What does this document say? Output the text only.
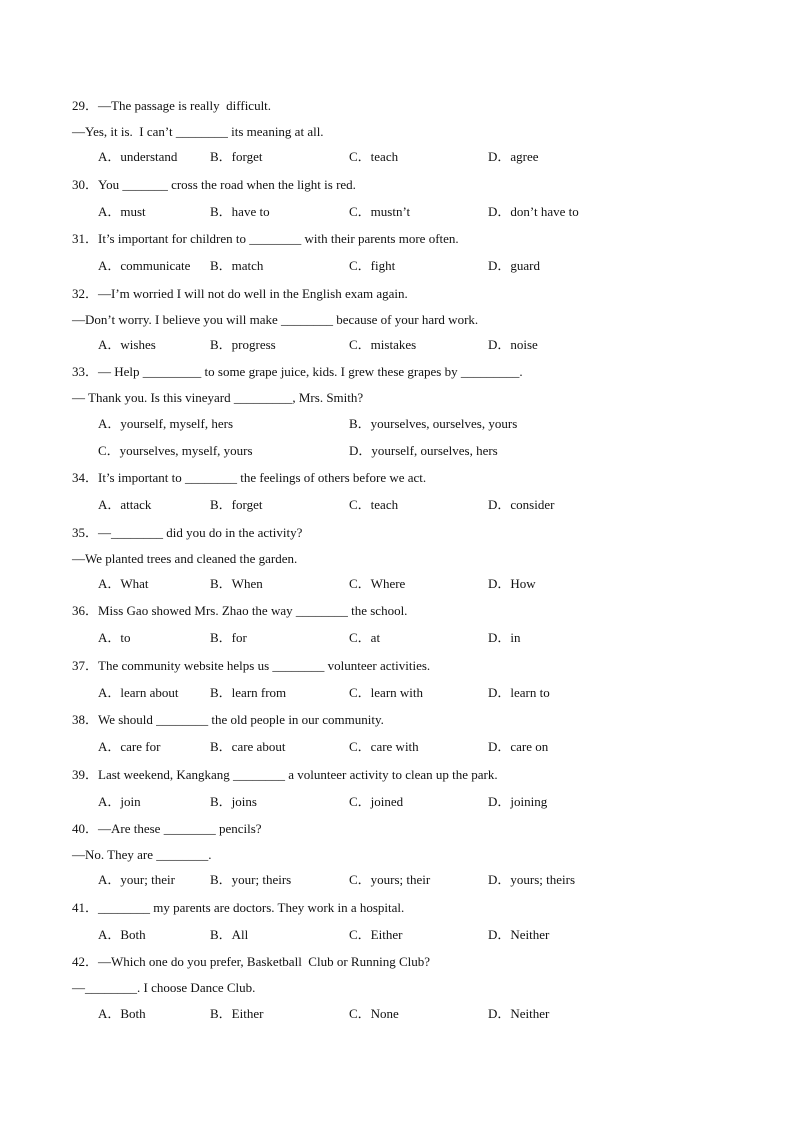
29．—The passage is really  difficult.
—Yes, it is.  I can’t ________ its meaning at all.
A．understand	B．forget	C．teach	D．agree
30．You _______ cross the road when the light is red.
A．must	B．have to	C．mustn’t	D．don’t have to
31．It’s important for children to ________ with their parents more often.
A．communicate B．match	C．fight	D．guard
32．—I’m worried I will not do well in the English exam again.
—Don’t worry. I believe you will make ________ because of your hard work.
A．wishes	B．progress	C．mistakes	D．noise
33．— Help _________ to some grape juice, kids. I grew these grapes by _________.
— Thank you. Is this vineyard _________, Mrs. Smith?
A．yourself, myself, hers	B．yourselves, ourselves, yours
C．yourselves, myself, yours	D．yourself, ourselves, hers
34．It’s important to ________ the feelings of others before we act.
A．attack	B．forget	C．teach	D．consider
35．—________ did you do in the activity?
—We planted trees and cleaned the garden.
A．What	B．When	C．Where	D．How
36．Miss Gao showed Mrs. Zhao the way ________ the school.
A．to	B．for	C．at	D．in
37．The community website helps us ________ volunteer activities.
A．learn about B．learn from	C．learn with	D．learn to
38．We should ________ the old people in our community.
A．care for	B．care about	C．care with	D．care on
39．Last weekend, Kangkang ________ a volunteer activity to clean up the park.
A．join	B．joins	C．joined	D．joining
40．—Are these ________ pencils?
—No. They are ________.
A．your; their	B．your; theirs	C．yours; their	D．yours; theirs
41．________ my parents are doctors. They work in a hospital.
A．Both	B．All	C．Either	D．Neither
42．—Which one do you prefer, Basketball  Club or Running Club?
—________. I choose Dance Club.
A．Both	B．Either	C．None	D．Neither
